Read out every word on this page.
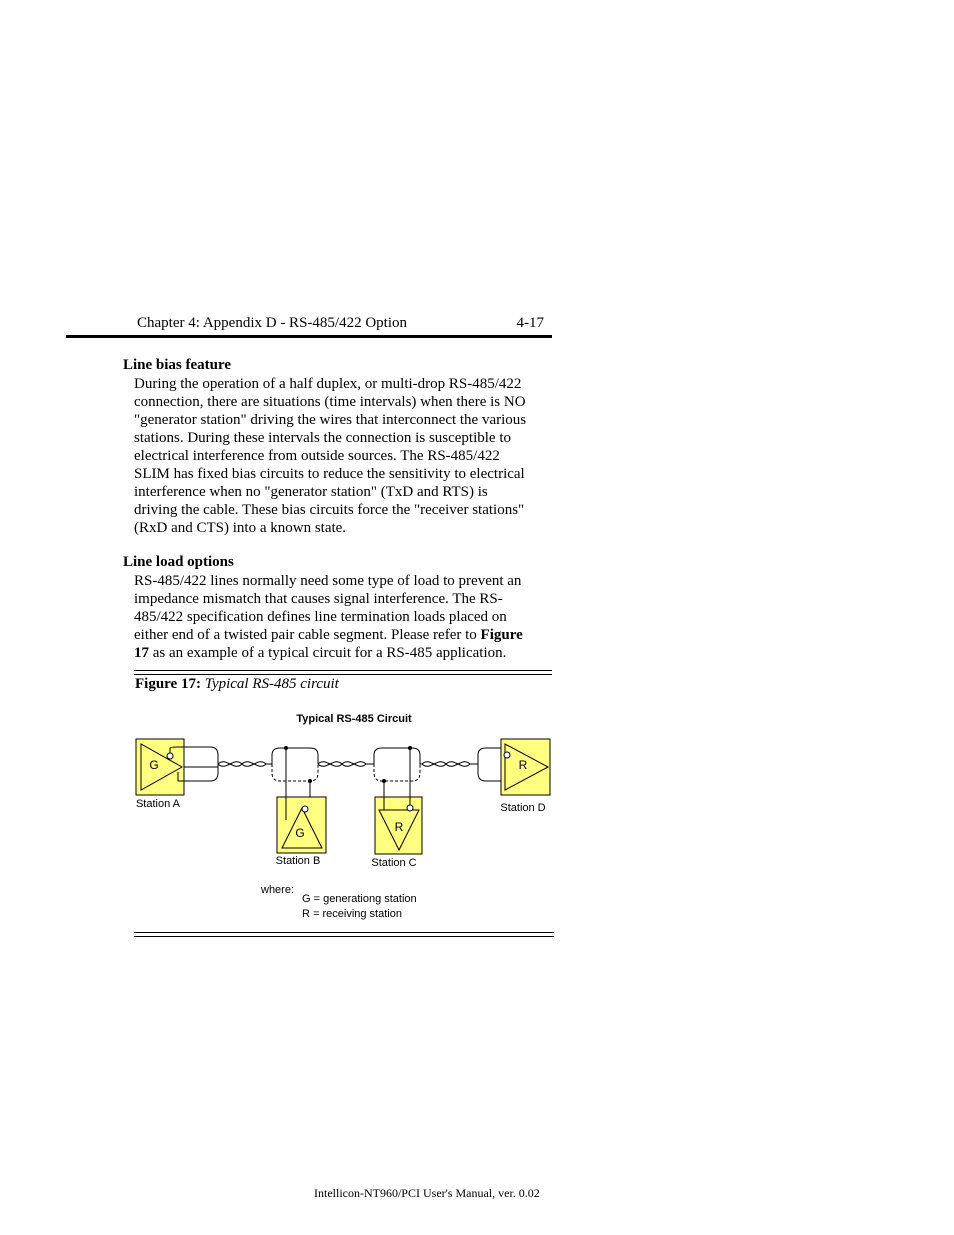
Chapter 4: Appendix D - RS-485/422 Option	4-17
Line bias feature
During the operation of a half duplex, or multi-drop RS-485/422
connection, there are situations (time intervals) when there is NO
"generator station" driving the wires that interconnect the various
stations. During these intervals the connection is susceptible to
electrical interference from outside sources. The RS-485/422
SLIM has fixed bias circuits to reduce the sensitivity to electrical
interference when no "generator station" (TxD and RTS) is
driving the cable. These bias circuits force the "receiver stations"
(RxD and CTS) into a known state.
Line load options
RS-485/422 lines normally need some type of load to prevent an
impedance mismatch that causes signal interference. The RS-
485/422 specification defines line termination loads placed on
either end of a twisted pair cable segment. Please refer to Figure
17 as an example of a typical circuit for a RS-485 application.
Figure 17: Typical RS-485 circuit
Typical RS-485 Circuit
G
Station A
G
Station B
R
Station C
R
Station D
where:
G = generationg station
R = receiving station
Intellicon-NT960/PCI User's Manual, ver. 0.02
